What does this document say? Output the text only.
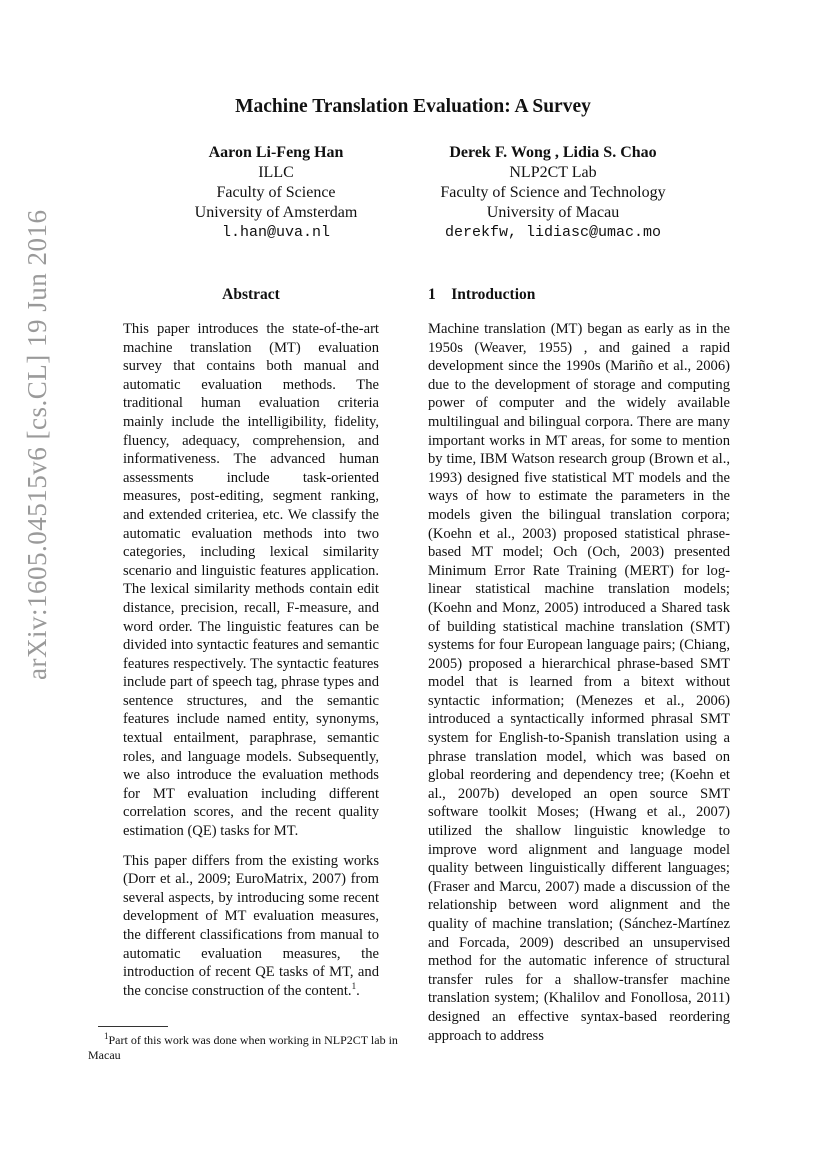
arXiv:1605.04515v6 [cs.CL] 19 Jun 2016
Machine Translation Evaluation: A Survey
Aaron Li-Feng Han
ILLC
Faculty of Science
University of Amsterdam
l.han@uva.nl
Derek F. Wong , Lidia S. Chao
NLP2CT Lab
Faculty of Science and Technology
University of Macau
derekfw, lidiasc@umac.mo
Abstract

This paper introduces the state-of-the-art machine translation (MT) evaluation survey that contains both manual and automatic evaluation methods. The traditional human evaluation criteria mainly include the intelligibility, fidelity, fluency, adequacy, comprehension, and informativeness. The advanced human assessments include task-oriented measures, post-editing, segment ranking, and extended criteriea, etc. We classify the automatic evaluation methods into two categories, including lexical similarity scenario and linguistic features application. The lexical similarity methods contain edit distance, precision, recall, F-measure, and word order. The linguistic features can be divided into syntactic features and semantic features respectively. The syntactic features include part of speech tag, phrase types and sentence structures, and the semantic features include named entity, synonyms, textual entailment, paraphrase, semantic roles, and language models. Subsequently, we also introduce the evaluation methods for MT evaluation including different correlation scores, and the recent quality estimation (QE) tasks for MT.

This paper differs from the existing works (Dorr et al., 2009; EuroMatrix, 2007) from several aspects, by introducing some recent development of MT evaluation measures, the different classifications from manual to automatic evaluation measures, the introduction of recent QE tasks of MT, and the concise construction of the content.$^1$.

1 Introduction

Machine translation (MT) began as early as in the 1950s (Weaver, 1955) , and gained a rapid development since the 1990s (Mariño et al., 2006) due to the development of storage and computing power of computer and the widely available multilingual and bilingual corpora. There are many important works in MT areas, for some to mention by time, IBM Watson research group (Brown et al., 1993) designed five statistical MT models and the ways of how to estimate the parameters in the models given the bilingual translation corpora; (Koehn et al., 2003) proposed statistical phrase-based MT model; Och (Och, 2003) presented Minimum Error Rate Training (MERT) for log-linear statistical machine translation models; (Koehn and Monz, 2005) introduced a Shared task of building statistical machine translation (SMT) systems for four European language pairs; (Chiang, 2005) proposed a hierarchical phrase-based SMT model that is learned from a bitext without syntactic information; (Menezes et al., 2006) introduced a syntactically informed phrasal SMT system for English-to-Spanish translation using a phrase translation model, which was based on global reordering and dependency tree; (Koehn et al., 2007b) developed an open source SMT software toolkit Moses; (Hwang et al., 2007) utilized the shallow linguistic knowledge to improve word alignment and language model quality between linguistically different languages; (Fraser and Marcu, 2007) made a discussion of the relationship between word alignment and the quality of machine translation; (Sánchez-Martínez and Forcada, 2009) described an unsupervised method for the automatic inference of structural transfer rules for a shallow-transfer machine translation system; (Khalilov and Fonollosa, 2011) designed an effective syntax-based reordering approach to address

$^1$Part of this work was done when working in NLP2CT lab in Macau
